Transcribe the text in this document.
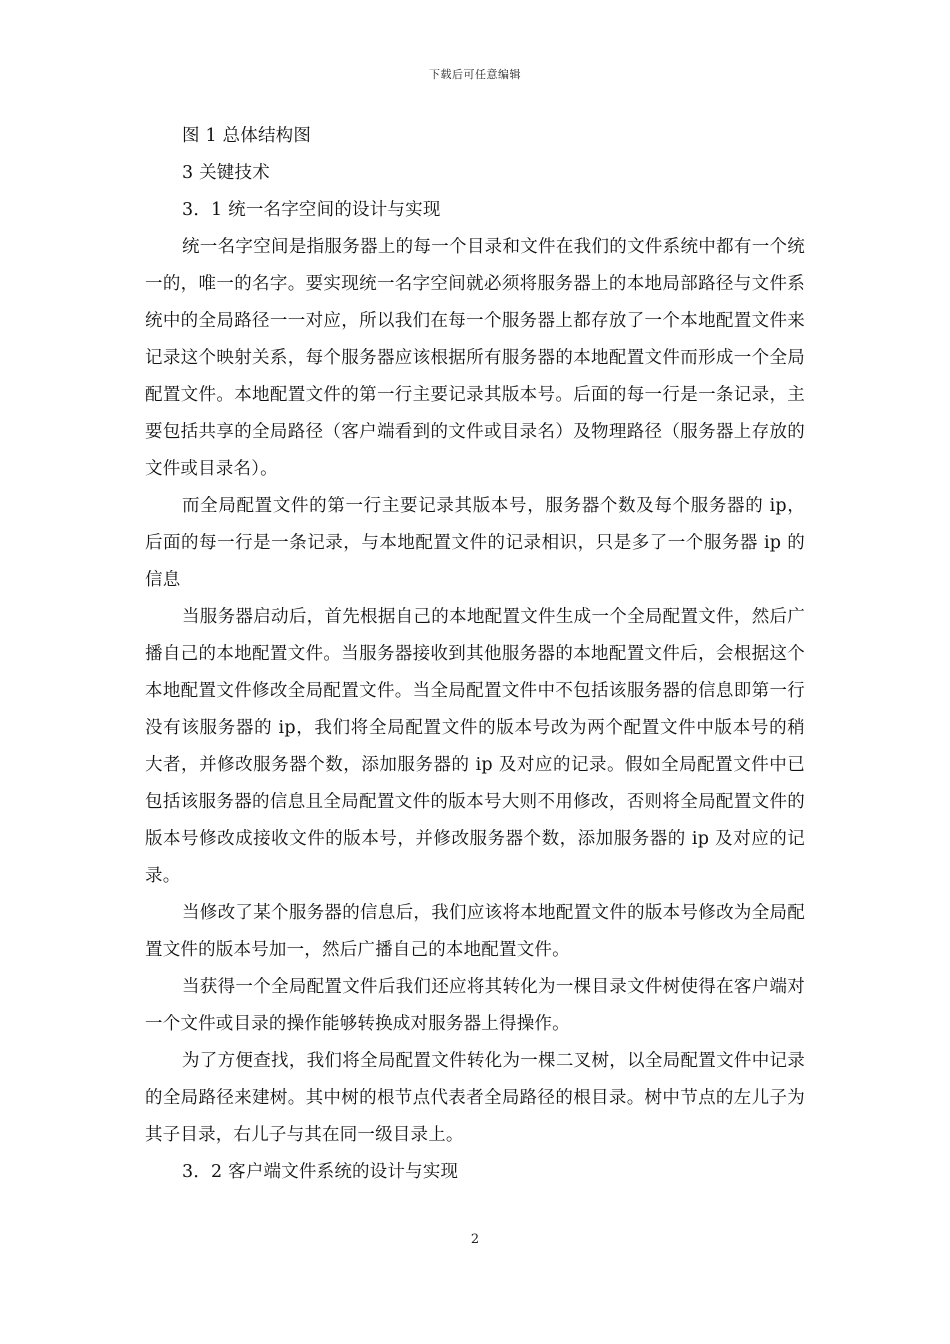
下载后可任意编辑
图 1 总体结构图
3 关键技术
3．1 统一名字空间的设计与实现
统一名字空间是指服务器上的每一个目录和文件在我们的文件系统中都有一个统一的，唯一的名字。要实现统一名字空间就必须将服务器上的本地局部路径与文件系统中的全局路径一一对应，所以我们在每一个服务器上都存放了一个本地配置文件来记录这个映射关系，每个服务器应该根据所有服务器的本地配置文件而形成一个全局配置文件。本地配置文件的第一行主要记录其版本号。后面的每一行是一条记录，主要包括共享的全局路径（客户端看到的文件或目录名）及物理路径（服务器上存放的文件或目录名）。
而全局配置文件的第一行主要记录其版本号，服务器个数及每个服务器的 ip，后面的每一行是一条记录，与本地配置文件的记录相识，只是多了一个服务器 ip 的信息
当服务器启动后，首先根据自己的本地配置文件生成一个全局配置文件，然后广播自己的本地配置文件。当服务器接收到其他服务器的本地配置文件后，会根据这个本地配置文件修改全局配置文件。当全局配置文件中不包括该服务器的信息即第一行没有该服务器的 ip，我们将全局配置文件的版本号改为两个配置文件中版本号的稍大者，并修改服务器个数，添加服务器的 ip 及对应的记录。假如全局配置文件中已包括该服务器的信息且全局配置文件的版本号大则不用修改，否则将全局配置文件的版本号修改成接收文件的版本号，并修改服务器个数，添加服务器的 ip 及对应的记录。
当修改了某个服务器的信息后，我们应该将本地配置文件的版本号修改为全局配置文件的版本号加一，然后广播自己的本地配置文件。
当获得一个全局配置文件后我们还应将其转化为一棵目录文件树使得在客户端对一个文件或目录的操作能够转换成对服务器上得操作。
为了方便查找，我们将全局配置文件转化为一棵二叉树，以全局配置文件中记录的全局路径来建树。其中树的根节点代表者全局路径的根目录。树中节点的左儿子为其子目录，右儿子与其在同一级目录上。
3．2 客户端文件系统的设计与实现
2
